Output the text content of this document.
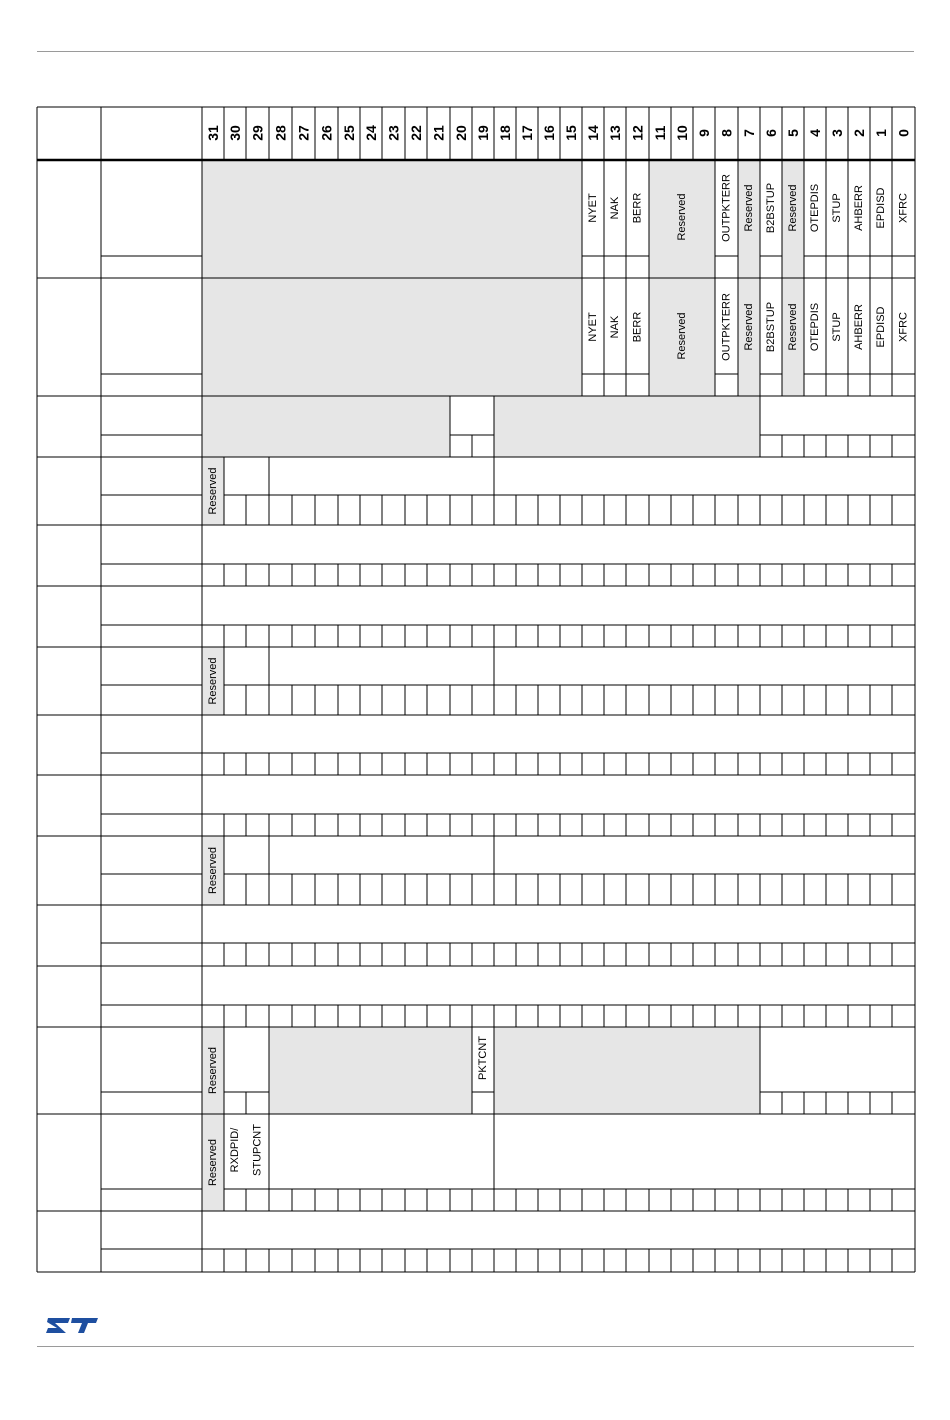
31 30 29 28 27 26 25 24 23 22 21 20 19 18 17 16 15 14 13 12 11 10 9 8 7 6 5 4 3 2 1 0
NYET NAK BERR	OUTPKTERR Reserved B2BSTUP Reserved OTEPDIS STUP AHBERR EPDISD XFRC
Reserved
NYET NAK BERR	OUTPKTERR Reserved B2BSTUP Reserved OTEPDIS STUP AHBERR EPDISD XFRC
Reserved
Reserved
Reserved
Reserved
Reserved
Reserved
PKTCNT
RXDPID/ STUPCNT
